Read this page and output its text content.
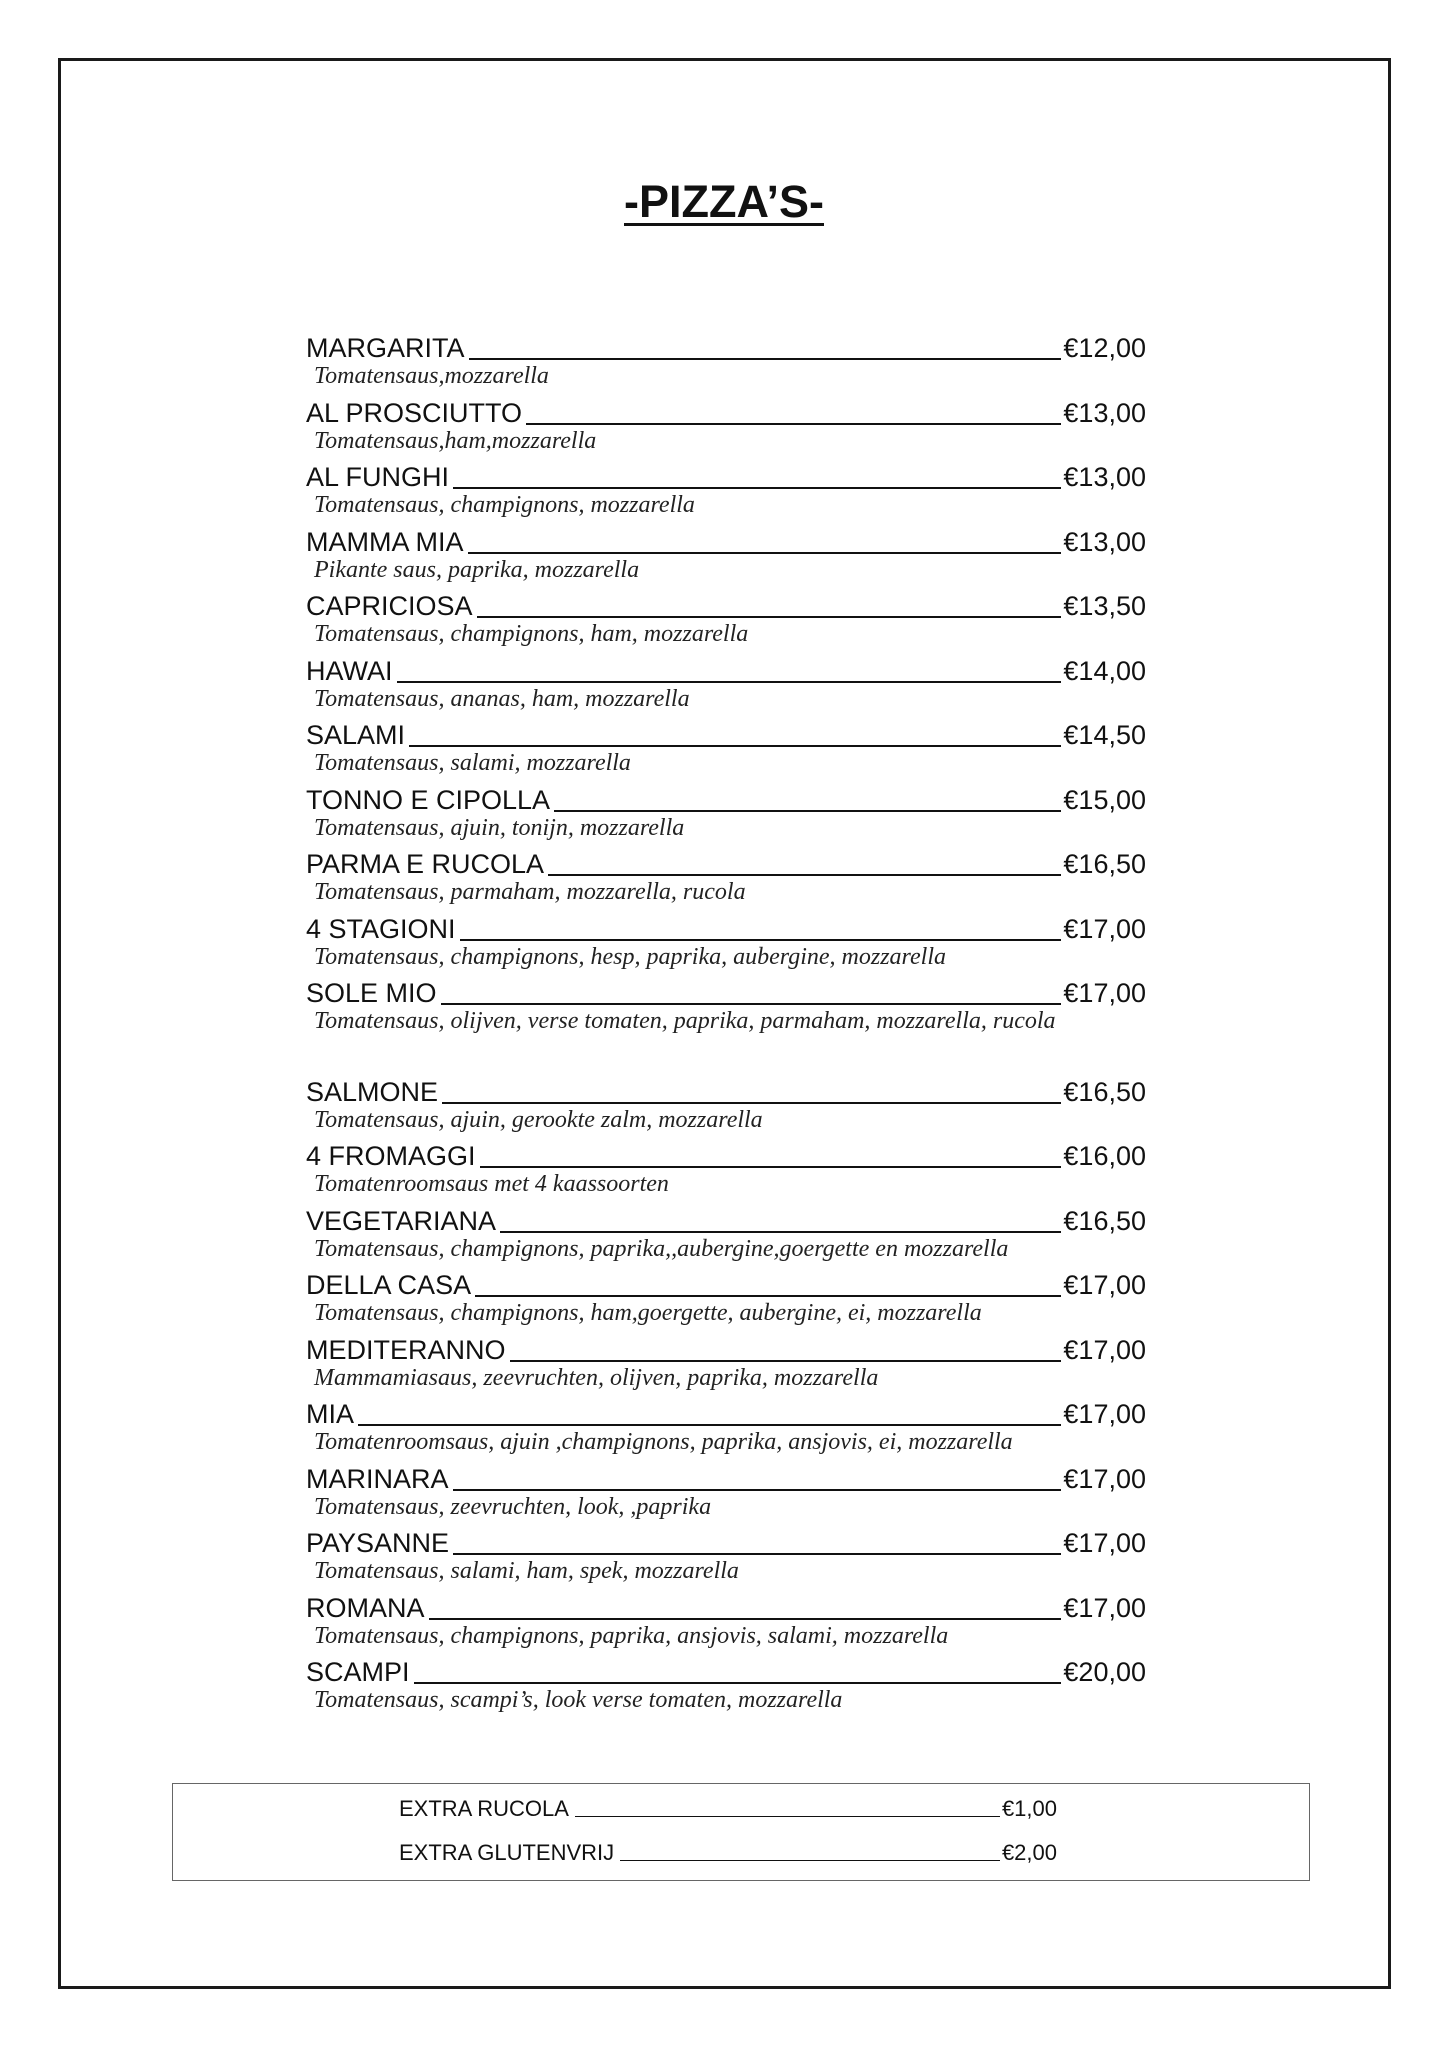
-PIZZA’S-
MARGARITA	€12,00
Tomatensaus,mozzarella
AL PROSCIUTTO	€13,00
Tomatensaus,ham,mozzarella
AL FUNGHI	€13,00
Tomatensaus, champignons, mozzarella
MAMMA MIA	€13,00
Pikante saus, paprika, mozzarella
CAPRICIOSA	€13,50
Tomatensaus, champignons, ham, mozzarella
HAWAI	€14,00
Tomatensaus, ananas, ham, mozzarella
SALAMI	€14,50
Tomatensaus, salami, mozzarella
TONNO E CIPOLLA	€15,00
Tomatensaus, ajuin, tonijn, mozzarella
PARMA E RUCOLA	€16,50
Tomatensaus, parmaham, mozzarella, rucola
4 STAGIONI	€17,00
Tomatensaus, champignons, hesp, paprika, aubergine, mozzarella
SOLE MIO	€17,00
Tomatensaus, olijven, verse tomaten, paprika, parmaham, mozzarella, rucola
SALMONE	€16,50
Tomatensaus, ajuin, gerookte zalm, mozzarella
4 FROMAGGI	€16,00
Tomatenroomsaus met 4 kaassoorten
VEGETARIANA	€16,50
Tomatensaus, champignons, paprika,,aubergine,goergette en mozzarella
DELLA CASA	€17,00
Tomatensaus, champignons, ham,goergette, aubergine, ei, mozzarella
MEDITERANNO	€17,00
Mammamiasaus, zeevruchten, olijven, paprika, mozzarella
MIA	€17,00
Tomatenroomsaus, ajuin ,champignons, paprika, ansjovis, ei, mozzarella
MARINARA	€17,00
Tomatensaus, zeevruchten, look, ,paprika
PAYSANNE	€17,00
Tomatensaus, salami, ham, spek, mozzarella
ROMANA	€17,00
Tomatensaus, champignons, paprika, ansjovis, salami, mozzarella
SCAMPI	€20,00
Tomatensaus, scampi’s, look verse tomaten, mozzarella
EXTRA RUCOLA	€1,00
EXTRA GLUTENVRIJ	€2,00
